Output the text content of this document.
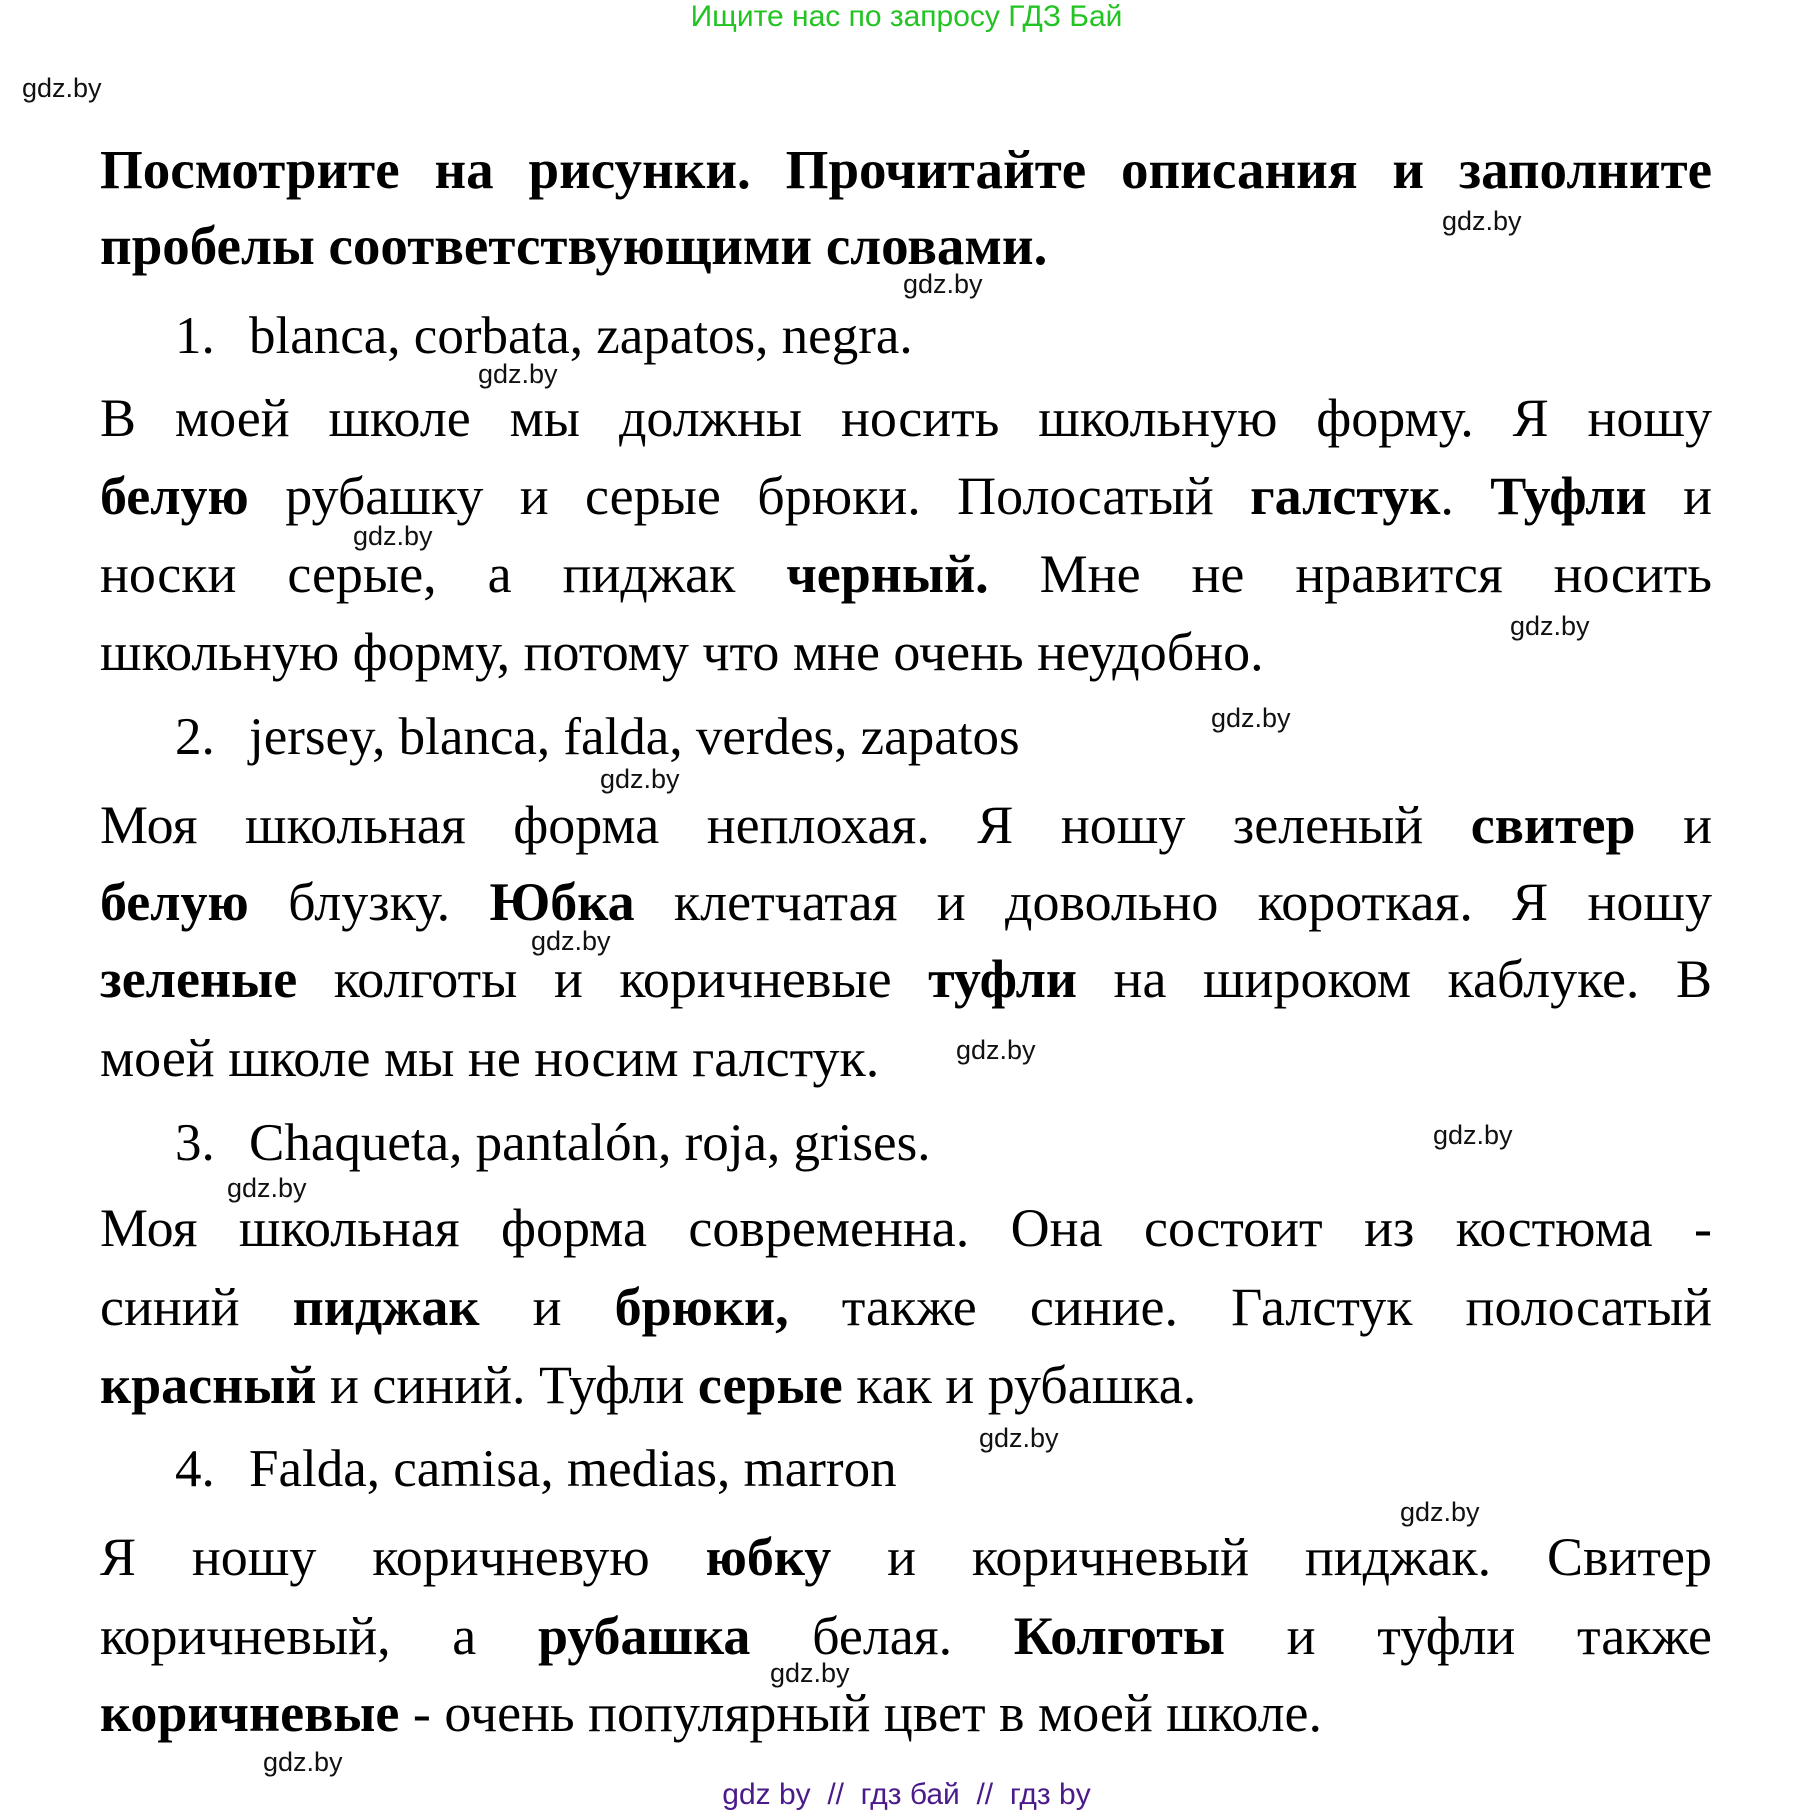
Ищите нас по запросу ГДЗ Бай
gdz.by
gdz.by
gdz.by
gdz.by
gdz.by
gdz.by
gdz.by
gdz.by
gdz.by
gdz.by
gdz.by
gdz.by
gdz.by
gdz.by
gdz.by
gdz.by
Посмотрите на рисунки. Прочитайте описания и заполните
пробелы соответствующими словами.
1. blanca, corbata, zapatos, negra.
2. jersey, blanca, falda, verdes, zapatos
3. Chaqueta, pantalón, roja, grises.
4. Falda, camisa, medias, marron
В моей школе мы должны носить школьную форму. Я ношу
белую рубашку и серые брюки. Полосатый галстук. Туфли и
носки серые, а пиджак черный. Мне не нравится носить
школьную форму, потому что мне очень неудобно.
Моя школьная форма неплохая. Я ношу зеленый свитер и
белую блузку. Юбка клетчатая и довольно короткая. Я ношу
зеленые колготы и коричневые туфли на широком каблуке. В
моей школе мы не носим галстук.
Моя школьная форма современна. Она состоит из костюма -
синий пиджак и брюки, также синие. Галстук полосатый
красный и синий. Туфли серые как и рубашка.
Я ношу коричневую юбку и коричневый пиджак. Свитер
коричневый, а рубашка белая. Колготы и туфли также
коричневые - очень популярный цвет в моей школе.
gdz by  //  гдз бай  //  гдз by
